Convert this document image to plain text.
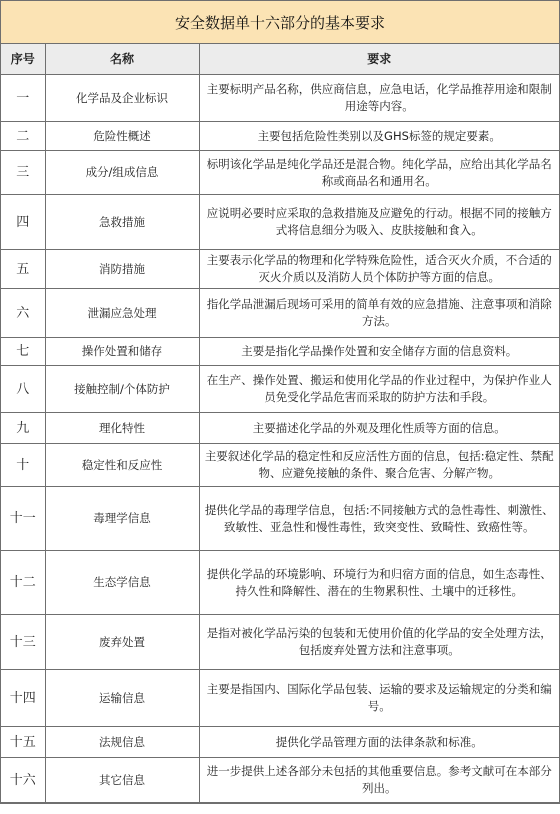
安全数据单十六部分的基本要求
序号	名称	要求
一	化学品及企业标识	主要标明产品名称，供应商信息，应急电话，化学品推荐用途和限制用途等内容。
二	危险性概述	主要包括危险性类别以及GHS标签的规定要素。
三	成分/组成信息	标明该化学品是纯化学品还是混合物。纯化学品，应给出其化学品名称或商品名和通用名。
四	急救措施	应说明必要时应采取的急救措施及应避免的行动。根据不同的接触方式将信息细分为吸入、皮肤接触和食入。
五	消防措施	主要表示化学品的物理和化学特殊危险性，适合灭火介质，不合适的灭火介质以及消防人员个体防护等方面的信息。
六	泄漏应急处理	指化学品泄漏后现场可采用的简单有效的应急措施、注意事项和消除方法。
七	操作处置和储存	主要是指化学品操作处置和安全储存方面的信息资料。
八	接触控制/个体防护	在生产、操作处置、搬运和使用化学品的作业过程中，为保护作业人员免受化学品危害而采取的防护方法和手段。
九	理化特性	主要描述化学品的外观及理化性质等方面的信息。
十	稳定性和反应性	主要叙述化学品的稳定性和反应活性方面的信息，包括:稳定性、禁配物、应避免接触的条件、聚合危害、分解产物。
十一	毒理学信息	提供化学品的毒理学信息，包括:不同接触方式的急性毒性、刺激性、致敏性、亚急性和慢性毒性，致突变性、致畸性、致癌性等。
十二	生态学信息	提供化学品的环境影响、环境行为和归宿方面的信息，如生态毒性、持久性和降解性、潜在的生物累积性、土壤中的迁移性。
十三	废弃处置	是指对被化学品污染的包装和无使用价值的化学品的安全处理方法，包括废弃处置方法和注意事项。
十四	运输信息	主要是指国内、国际化学品包装、运输的要求及运输规定的分类和编号。
十五	法规信息	提供化学品管理方面的法律条款和标准。
十六	其它信息	进一步提供上述各部分未包括的其他重要信息。参考文献可在本部分列出。
